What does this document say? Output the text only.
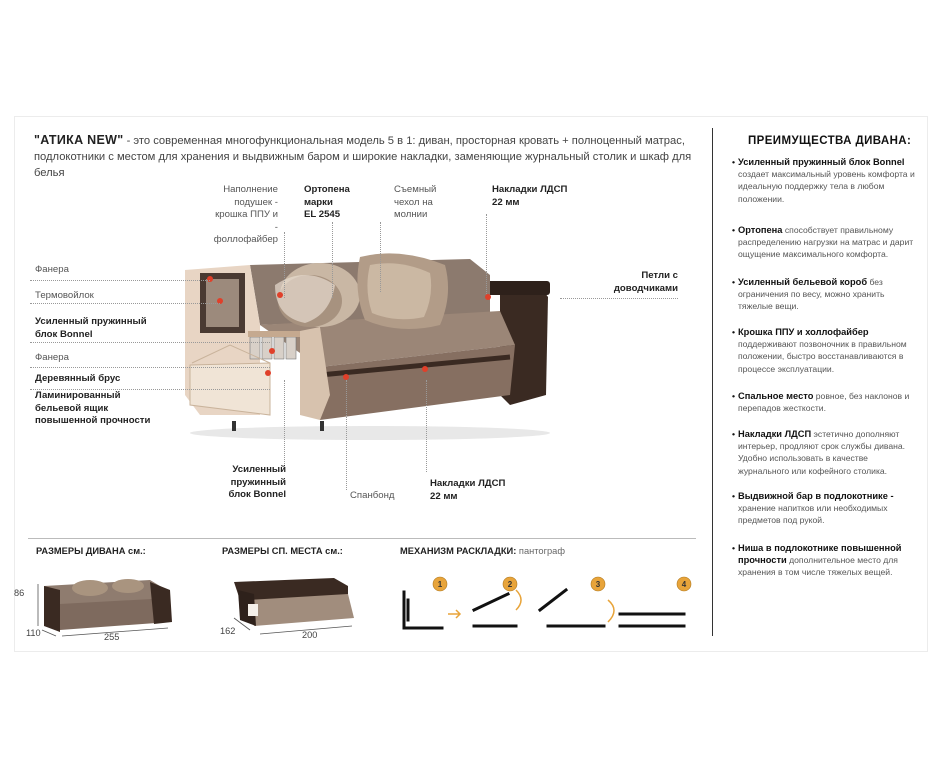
"АТИКА NEW" - это современная многофункциональная модель 5 в 1: диван, просторная кровать + полноценный матрас,
подлокотники с местом для хранения и выдвижным баром и широкие накладки, заменяющие журнальный столик и шкаф для белья
Наполнение
подушек -
крошка ППУ и -
фоллофайбер
Ортопена
марки
EL 2545
Съемный
чехол на
молнии
Накладки ЛДСП
22 мм
Петли с
доводчиками
Фанера
Термовойлок
Усиленный пружинный
блок Bonnel
Фанера
Деревянный брус
Ламинированный
бельевой ящик
повышенной прочности
Усиленный
пружинный
блок Bonnel	Спанбонд
Накладки ЛДСП
22 мм
ПРЕИМУЩЕСТВА ДИВАНА:
• Усиленный пружинный блок Bonnel создает максимальный уровень комфорта и идеальную поддержку тела в любом положении.
• Ортопена способствует правильному распределению нагрузки на матрас и дарит ощущение максимального комфорта.
• Усиленный бельевой короб без ограничения по весу, можно хранить тяжелые вещи.
• Крошка ППУ и холлофайбер поддерживают позвоночник в правильном положении, быстро восстанавливаются в процессе эксплуатации.
• Спальное место ровное, без наклонов и перепадов жесткости.
• Накладки ЛДСП эстетично дополняют интерьер, продляют срок службы дивана. Удобно использовать в качестве журнального или кофейного столика.
• Выдвижной бар в подлокотнике - хранение напитков или необходимых предметов под рукой.
• Ниша в подлокотнике повышенной прочности дополнительное место для хранения в том числе тяжелых вещей.
РАЗМЕРЫ ДИВАНА см.:
86
110	255
РАЗМЕРЫ СП. МЕСТА см.:
162	200
МЕХАНИЗМ РАСКЛАДКИ: пантограф
1	2	3	4
